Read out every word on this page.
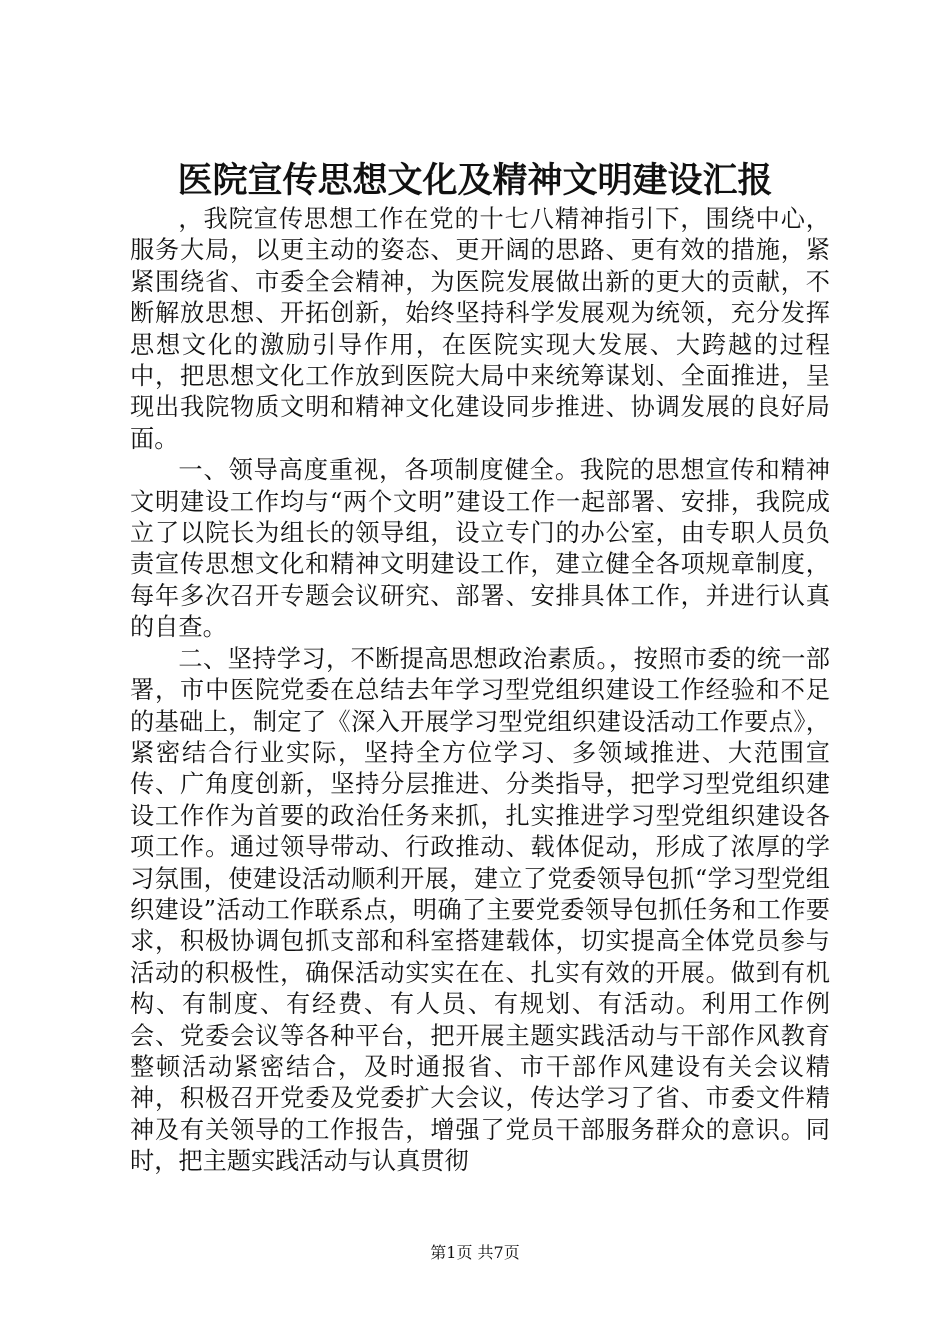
医院宣传思想文化及精神文明建设汇报

，我院宣传思想工作在党的十七八精神指引下，围绕中心，服务大局，以更主动的姿态、更开阔的思路、更有效的措施，紧紧围绕省、市委全会精神，为医院发展做出新的更大的贡献，不断解放思想、开拓创新，始终坚持科学发展观为统领，充分发挥思想文化的激励引导作用，在医院实现大发展、大跨越的过程中，把思想文化工作放到医院大局中来统筹谋划、全面推进，呈现出我院物质文明和精神文化建设同步推进、协调发展的良好局面。

一、领导高度重视，各项制度健全。我院的思想宣传和精神文明建设工作均与“两个文明”建设工作一起部署、安排，我院成立了以院长为组长的领导组，设立专门的办公室，由专职人员负责宣传思想文化和精神文明建设工作，建立健全各项规章制度，每年多次召开专题会议研究、部署、安排具体工作，并进行认真的自查。

二、坚持学习，不断提高思想政治素质。，按照市委的统一部署，市中医院党委在总结去年学习型党组织建设工作经验和不足的基础上，制定了《深入开展学习型党组织建设活动工作要点》，紧密结合行业实际，坚持全方位学习、多领域推进、大范围宣传、广角度创新，坚持分层推进、分类指导，把学习型党组织建设工作作为首要的政治任务来抓，扎实推进学习型党组织建设各项工作。通过领导带动、行政推动、载体促动，形成了浓厚的学习氛围，使建设活动顺利开展，建立了党委领导包抓“学习型党组织建设”活动工作联系点，明确了主要党委领导包抓任务和工作要求，积极协调包抓支部和科室搭建载体，切实提高全体党员参与活动的积极性，确保活动实实在在、扎实有效的开展。做到有机构、有制度、有经费、有人员、有规划、有活动。利用工作例会、党委会议等各种平台，把开展主题实践活动与干部作风教育整顿活动紧密结合，及时通报省、市干部作风建设有关会议精神，积极召开党委及党委扩大会议，传达学习了省、市委文件精神及有关领导的工作报告，增强了党员干部服务群众的意识。同时，把主题实践活动与认真贯彻

第1页 共7页
